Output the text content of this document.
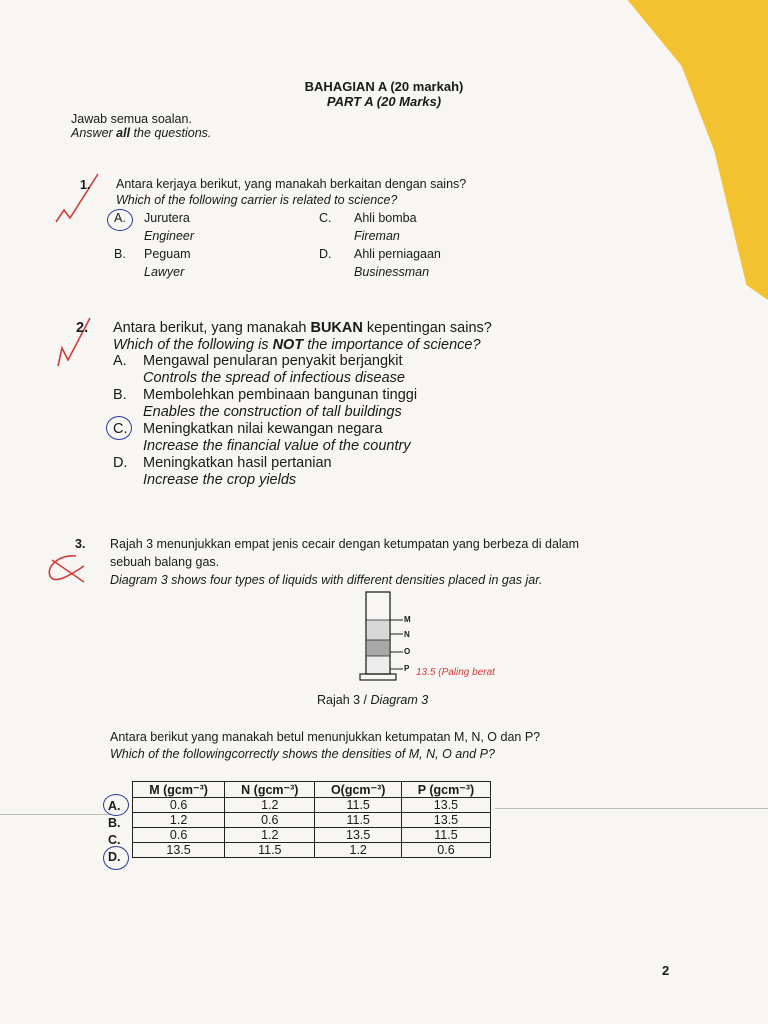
BAHAGIAN A (20 markah)
PART A (20 Marks)
Jawab semua soalan.
Answer all the questions.
1. Antara kerjaya berikut, yang manakah berkaitan dengan sains?
Which of the following carrier is related to science?
A. Jurutera
Engineer
B. Peguam
Lawyer
C. Ahli bomba
Fireman
D. Ahli perniagaan
Businessman
2. Antara berikut, yang manakah BUKAN kepentingan sains?
Which of the following is NOT the importance of science?
A. Mengawal penularan penyakit berjangkit
Controls the spread of infectious disease
B. Membolehkan pembinaan bangunan tinggi
Enables the construction of tall buildings
C. Meningkatkan nilai kewangan negara
Increase the financial value of the country
D. Meningkatkan hasil pertanian
Increase the crop yields
3. Rajah 3 menunjukkan empat jenis cecair dengan ketumpatan yang berbeza di dalam
sebuah balang gas.
Diagram 3 shows four types of liquids with different densities placed in gas jar.
M
N
O
P 13.5 (Paling berat
Rajah 3 / Diagram 3
Antara berikut yang manakah betul menunjukkan ketumpatan M, N, O dan P?
Which of the followingcorrectly shows the densities of M, N, O and P?
A.
B.
C.
D.
M (gcm⁻³)	N (gcm⁻³)	O(gcm⁻³)	P (gcm⁻³)
0.6	1.2	11.5	13.5
1.2	0.6	11.5	13.5
0.6	1.2	13.5	11.5
13.5	11.5	1.2	0.6
2
